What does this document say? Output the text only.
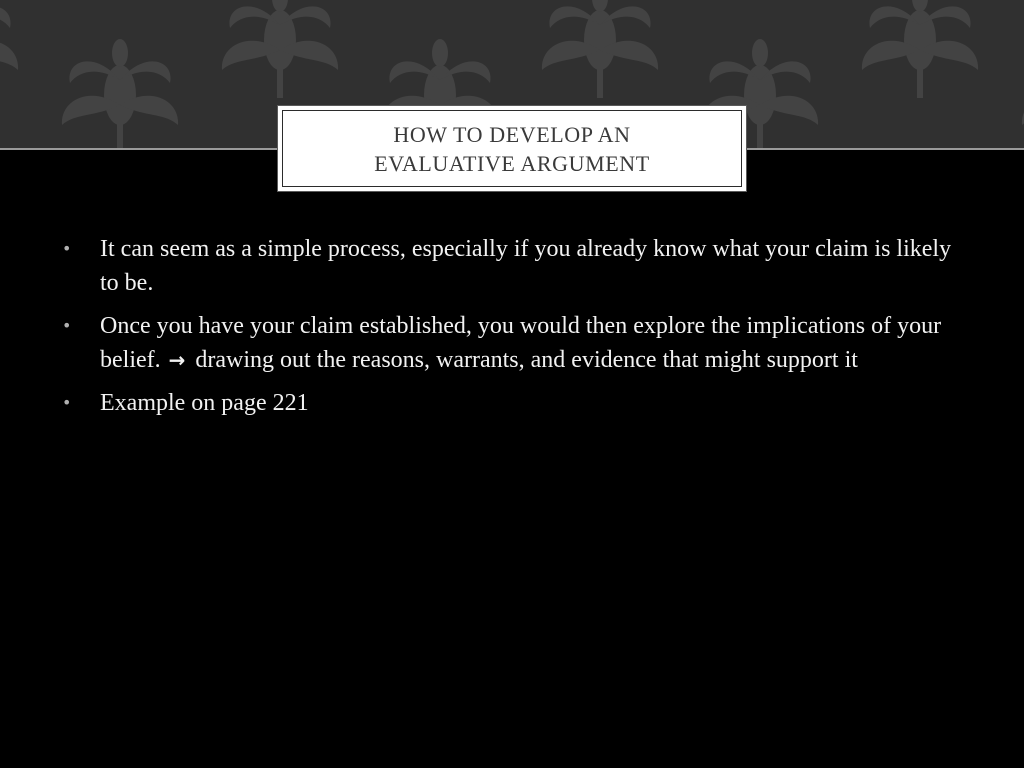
HOW TO DEVELOP AN EVALUATIVE ARGUMENT
• It can seem as a simple process, especially if you already know what your claim is likely to be.
• Once you have your claim established, you would then explore the implications of your belief. → drawing out the reasons, warrants, and evidence that might support it
• Example on page 221
